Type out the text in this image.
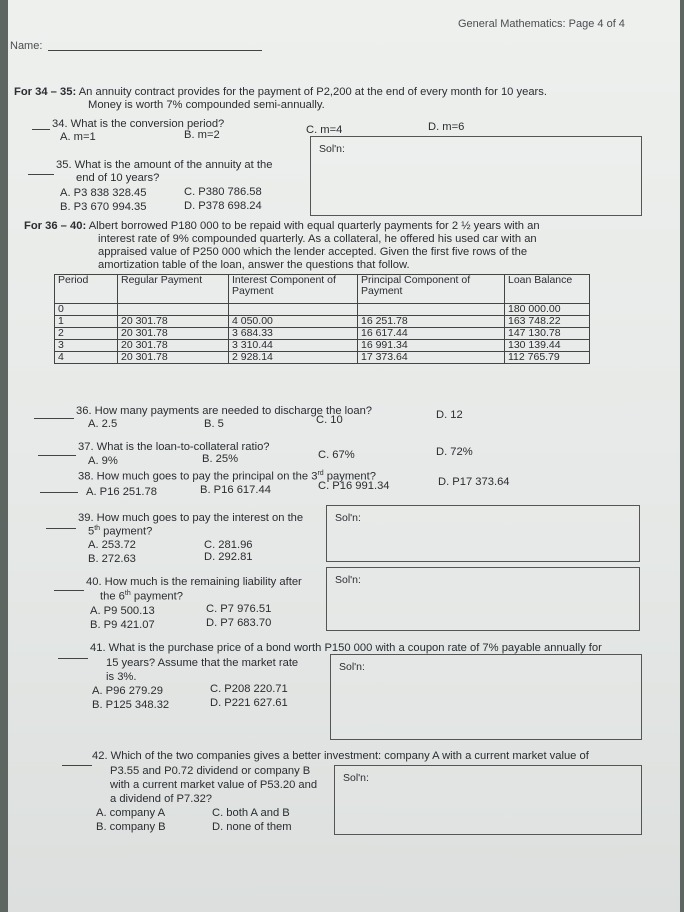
Name:
General Mathematics: Page 4 of 4
For 34 – 35: An annuity contract provides for the payment of P2,200 at the end of every month for 10 years.
Money is worth 7% compounded semi-annually.
34. What is the conversion period?
A. m=1	B. m=2	C. m=4	D. m=6
35. What is the amount of the annuity at the
end of 10 years?
A. P3 838 328.45	C. P380 786.58
B. P3 670 994.35	D. P378 698.24
Sol'n:
For 36 – 40: Albert borrowed P180 000 to be repaid with equal quarterly payments for 2 ½ years with an
interest rate of 9% compounded quarterly. As a collateral, he offered his used car with an
appraised value of P250 000 which the lender accepted. Given the first five rows of the
amortization table of the loan, answer the questions that follow.
Period	Regular Payment	Interest Component of Payment	Principal Component of Payment	Loan Balance
0				180 000.00
1	20 301.78	4 050.00	16 251.78	163 748.22
2	20 301.78	3 684.33	16 617.44	147 130.78
3	20 301.78	3 310.44	16 991.34	130 139.44
4	20 301.78	2 928.14	17 373.64	112 765.79
36. How many payments are needed to discharge the loan?
A. 2.5	B. 5	C. 10	D. 12
37. What is the loan-to-collateral ratio?
A. 9%	B. 25%	C. 67%	D. 72%
38. How much goes to pay the principal on the 3rd payment?
A. P16 251.78	B. P16 617.44	C. P16 991.34	D. P17 373.64
39. How much goes to pay the interest on the
5th payment?
A. 253.72	C. 281.96
B. 272.63	D. 292.81
Sol'n:
40. How much is the remaining liability after
the 6th payment?
A. P9 500.13	C. P7 976.51
B. P9 421.07	D. P7 683.70
Sol'n:
41. What is the purchase price of a bond worth P150 000 with a coupon rate of 7% payable annually for
15 years? Assume that the market rate
is 3%.
A. P96 279.29	C. P208 220.71
B. P125 348.32	D. P221 627.61
Sol'n:
42. Which of the two companies gives a better investment: company A with a current market value of
P3.55 and P0.72 dividend or company B
with a current market value of P53.20 and
a dividend of P7.32?
A. company A	C. both A and B
B. company B	D. none of them
Sol'n:
